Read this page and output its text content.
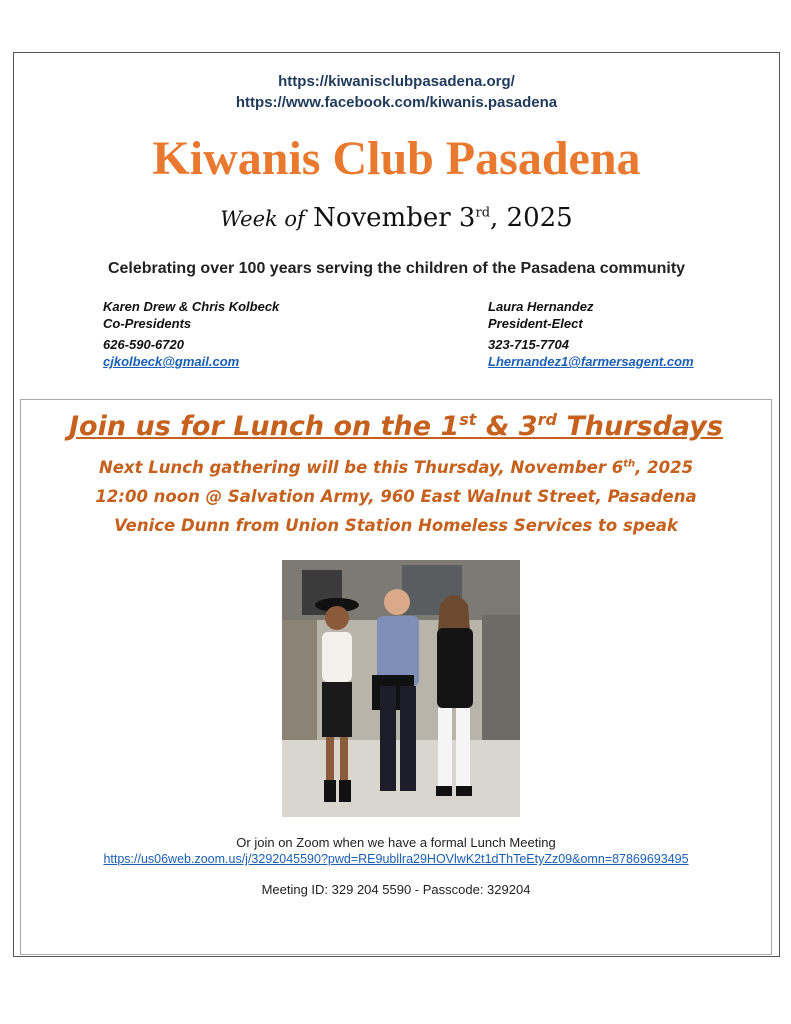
https://kiwanisclubpasadena.org/
https://www.facebook.com/kiwanis.pasadena
Kiwanis Club Pasadena
Week of November 3rd, 2025
Celebrating over 100 years serving the children of the Pasadena community
Karen Drew & Chris Kolbeck
Co-Presidents
626-590-6720
cjkolbeck@gmail.com
Laura Hernandez
President-Elect
323-715-7704
Lhernandez1@farmersagent.com
Join us for Lunch on the 1st & 3rd Thursdays
Next Lunch gathering will be this Thursday, November 6th, 2025
12:00 noon @ Salvation Army, 960 East Walnut Street, Pasadena
Venice Dunn from Union Station Homeless Services to speak
Or join on Zoom when we have a formal Lunch Meeting
https://us06web.zoom.us/j/3292045590?pwd=RE9ubllra29HOVlwK2t1dThTeEtyZz09&omn=87869693495
Meeting ID: 329 204 5590 - Passcode: 329204
